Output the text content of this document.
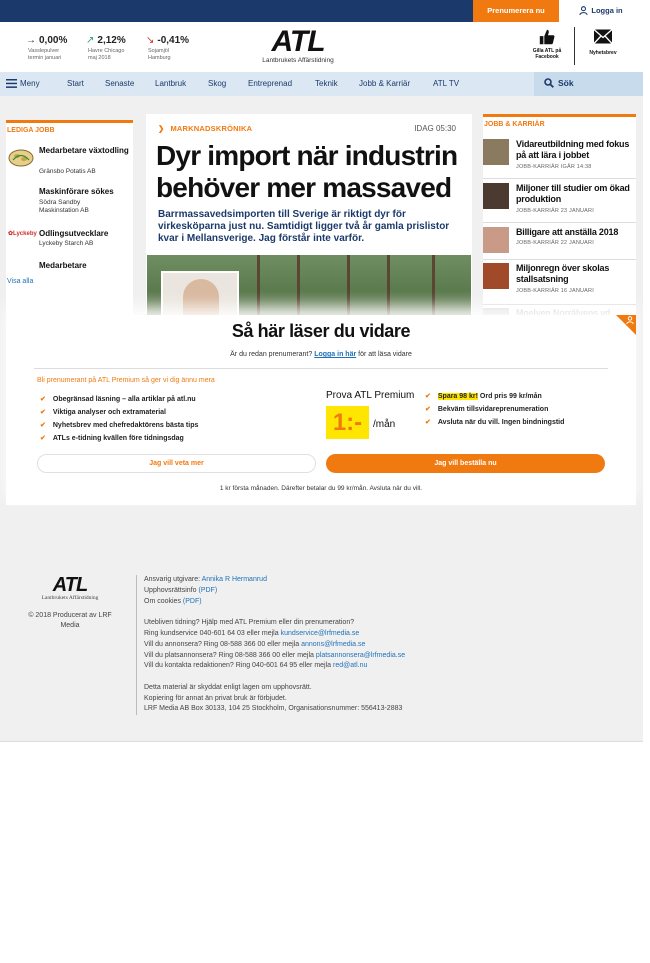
Prenumerera nu	Logga in
→ 0,00%
Vasslepulver
termin januari
↗ 2,12%
Havre Chicago
maj 2018
↘ -0,41%
Sojamjöl
Hamburg	ATL
Lantbrukets Affärstidning
Gilla ATL på Facebook
Nyhetsbrev
Meny	Start	Senaste	Lantbruk	Skog	Entreprenad	Teknik	Jobb & Karriär	ATL TV	Sök
LEDIGA JOBB
Medarbetare växtodling
Gränsbo Potatis AB
Maskinförare sökes
Södra Sandby
Maskinstation AB
✿Lyckeby Odlingsutvecklare
Lyckeby Starch AB
Medarbetare
Visa alla
❯ MARKNADSKRÖNIKA	IDAG 05:30
Dyr import när industrin behöver mer massaved
Barrmassavedsimporten till Sverige är riktigt dyr för virkesköparna just nu. Samtidigt ligger två år gamla prislistor kvar i Mellansverige. Jag förstår inte varför.
JOBB & KARRIÄR
Vidareutbildning med fokus på att lära i jobbet
JOBB-KARRIÄR IGÅR 14:38
Miljoner till studier om ökad produktion
JOBB-KARRIÄR 23 JANUARI
Billigare att anställa 2018
JOBB-KARRIÄR 22 JANUARI
Miljonregn över skolas stallsatsning
JOBB-KARRIÄR 16 JANUARI
Moelven Norrälvens vd
Så här läser du vidare
Är du redan prenumerant? Logga in här för att läsa vidare
Bli prenumerant på ATL Premium så ger vi dig ännu mera
✔ Obegränsad läsning – alla artiklar på atl.nu
✔ Viktiga analyser och extramaterial
✔ Nyhetsbrev med chefredaktörens bästa tips
✔ ATLs e-tidning kvällen före tidningsdag
Prova ATL Premium
1:-	/mån
✔ Spara 98 kr! Ord pris 99 kr/mån
✔ Bekväm tillsvidareprenumeration
✔ Avsluta när du vill. Ingen bindningstid
Jag vill veta mer	Jag vill beställa nu
1 kr första månaden. Därefter betalar du 99 kr/mån. Avsluta när du vill.
ATL
Lantbrukets Affärstidning
© 2018 Producerat av LRF Media
Ansvarig utgivare: Annika R Hermanrud
Upphovsrättsinfo (PDF)
Om cookies (PDF)
Utebliven tidning? Hjälp med ATL Premium eller din prenumeration?
Ring kundservice 040-601 64 03 eller mejla kundservice@lrfmedia.se
Vill du annonsera? Ring 08-588 366 00 eller mejla annons@lrfmedia.se
Vill du platsannonsera? Ring 08-588 366 00 eller mejla platsannonsera@lrfmedia.se
Vill du kontakta redaktionen? Ring 040-601 64 95 eller mejla red@atl.nu
Detta material är skyddat enligt lagen om upphovsrätt.
Kopiering för annat än privat bruk är förbjudet.
LRF Media AB Box 30133, 104 25 Stockholm, Organisationsnummer: 556413-2883
